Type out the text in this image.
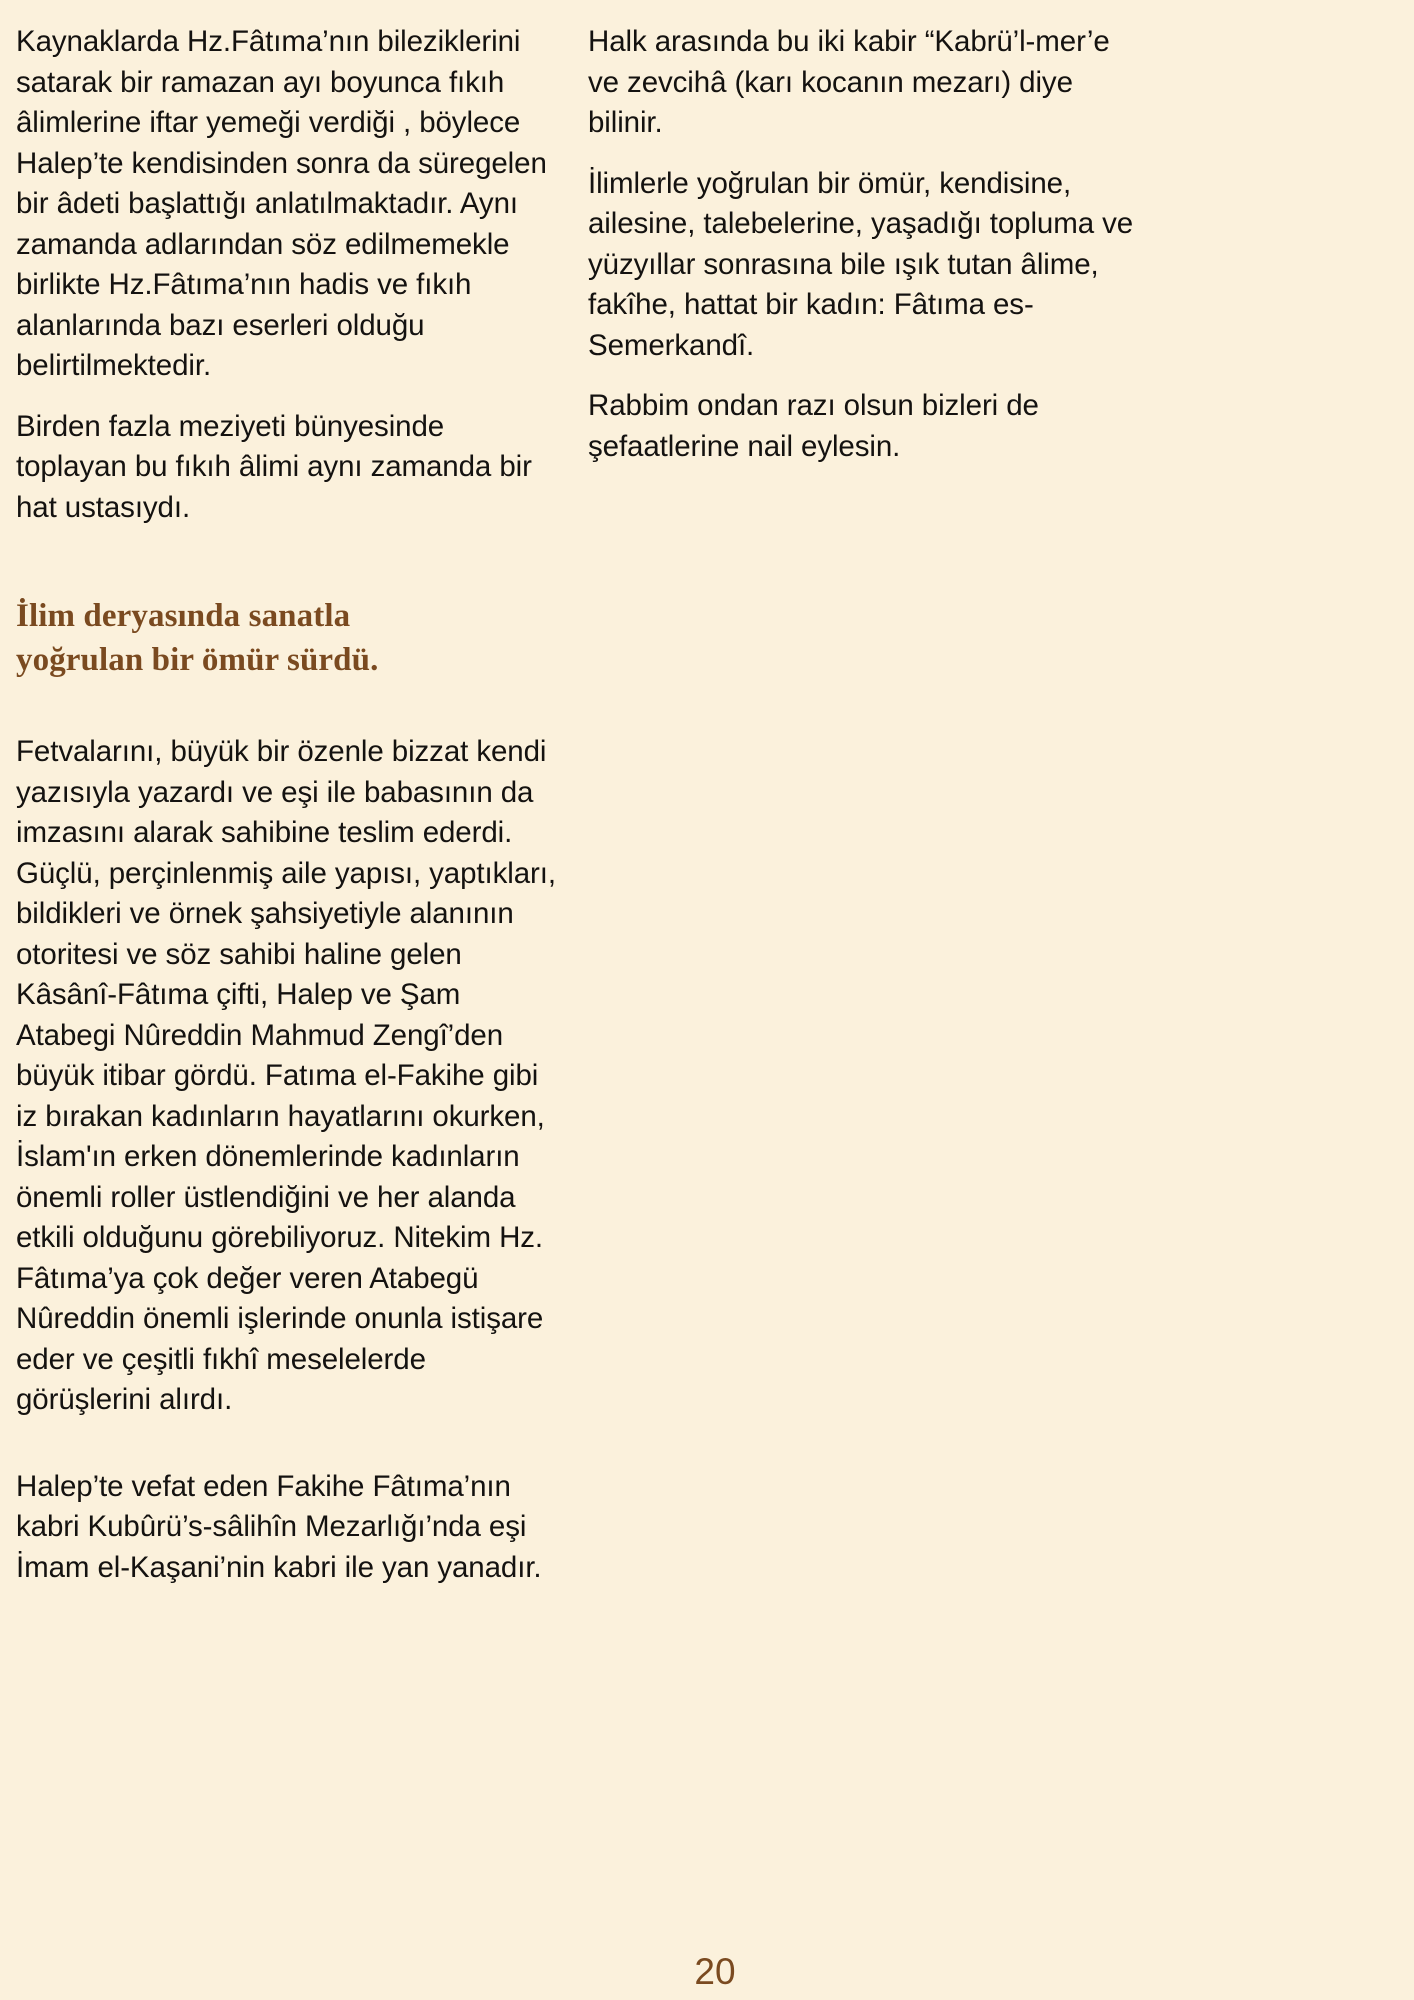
Kaynaklarda Hz.Fâtıma’nın bileziklerini satarak bir ramazan ayı boyunca fıkıh âlimlerine iftar yemeği verdiği , böylece Halep’te kendisinden sonra da süregelen bir âdeti başlattığı anlatılmaktadır. Aynı zamanda adlarından söz edilmemekle birlikte Hz.Fâtıma’nın hadis ve fıkıh alanlarında bazı eserleri olduğu belirtilmektedir.

Birden fazla meziyeti bünyesinde toplayan bu fıkıh âlimi aynı zamanda bir hat ustasıydı.

İlim deryasında sanatla yoğrulan bir ömür sürdü.

Fetvalarını, büyük bir özenle bizzat kendi yazısıyla yazardı ve eşi ile babasının da imzasını alarak sahibine teslim ederdi. Güçlü, perçinlenmiş aile yapısı, yaptıkları, bildikleri ve örnek şahsiyetiyle alanının otoritesi ve söz sahibi haline gelen Kâsânî-Fâtıma çifti, Halep ve Şam Atabegi Nûreddin Mahmud Zengî’den büyük itibar gördü. Fatıma el-Fakihe gibi iz bırakan kadınların hayatlarını okurken, İslam'ın erken dönemlerinde kadınların önemli roller üstlendiğini ve her alanda etkili olduğunu görebiliyoruz. Nitekim Hz. Fâtıma’ya çok değer veren Atabegü Nûreddin önemli işlerinde onunla istişare eder ve çeşitli fıkhî meselelerde görüşlerini alırdı.

Halep’te vefat eden Fakihe Fâtıma’nın kabri Kubûrü’s-sâlihîn Mezarlığı’nda eşi İmam el-Kaşani’nin kabri ile yan yanadır.

Halk arasında bu iki kabir “Kabrü’l-mer’e ve zevcihâ (karı kocanın mezarı) diye bilinir.

İlimlerle yoğrulan bir ömür, kendisine, ailesine, talebelerine, yaşadığı topluma ve yüzyıllar sonrasına bile ışık tutan âlime, fakîhe, hattat bir kadın: Fâtıma es-Semerkandî.

Rabbim ondan razı olsun bizleri de şefaatlerine nail eylesin.

20
